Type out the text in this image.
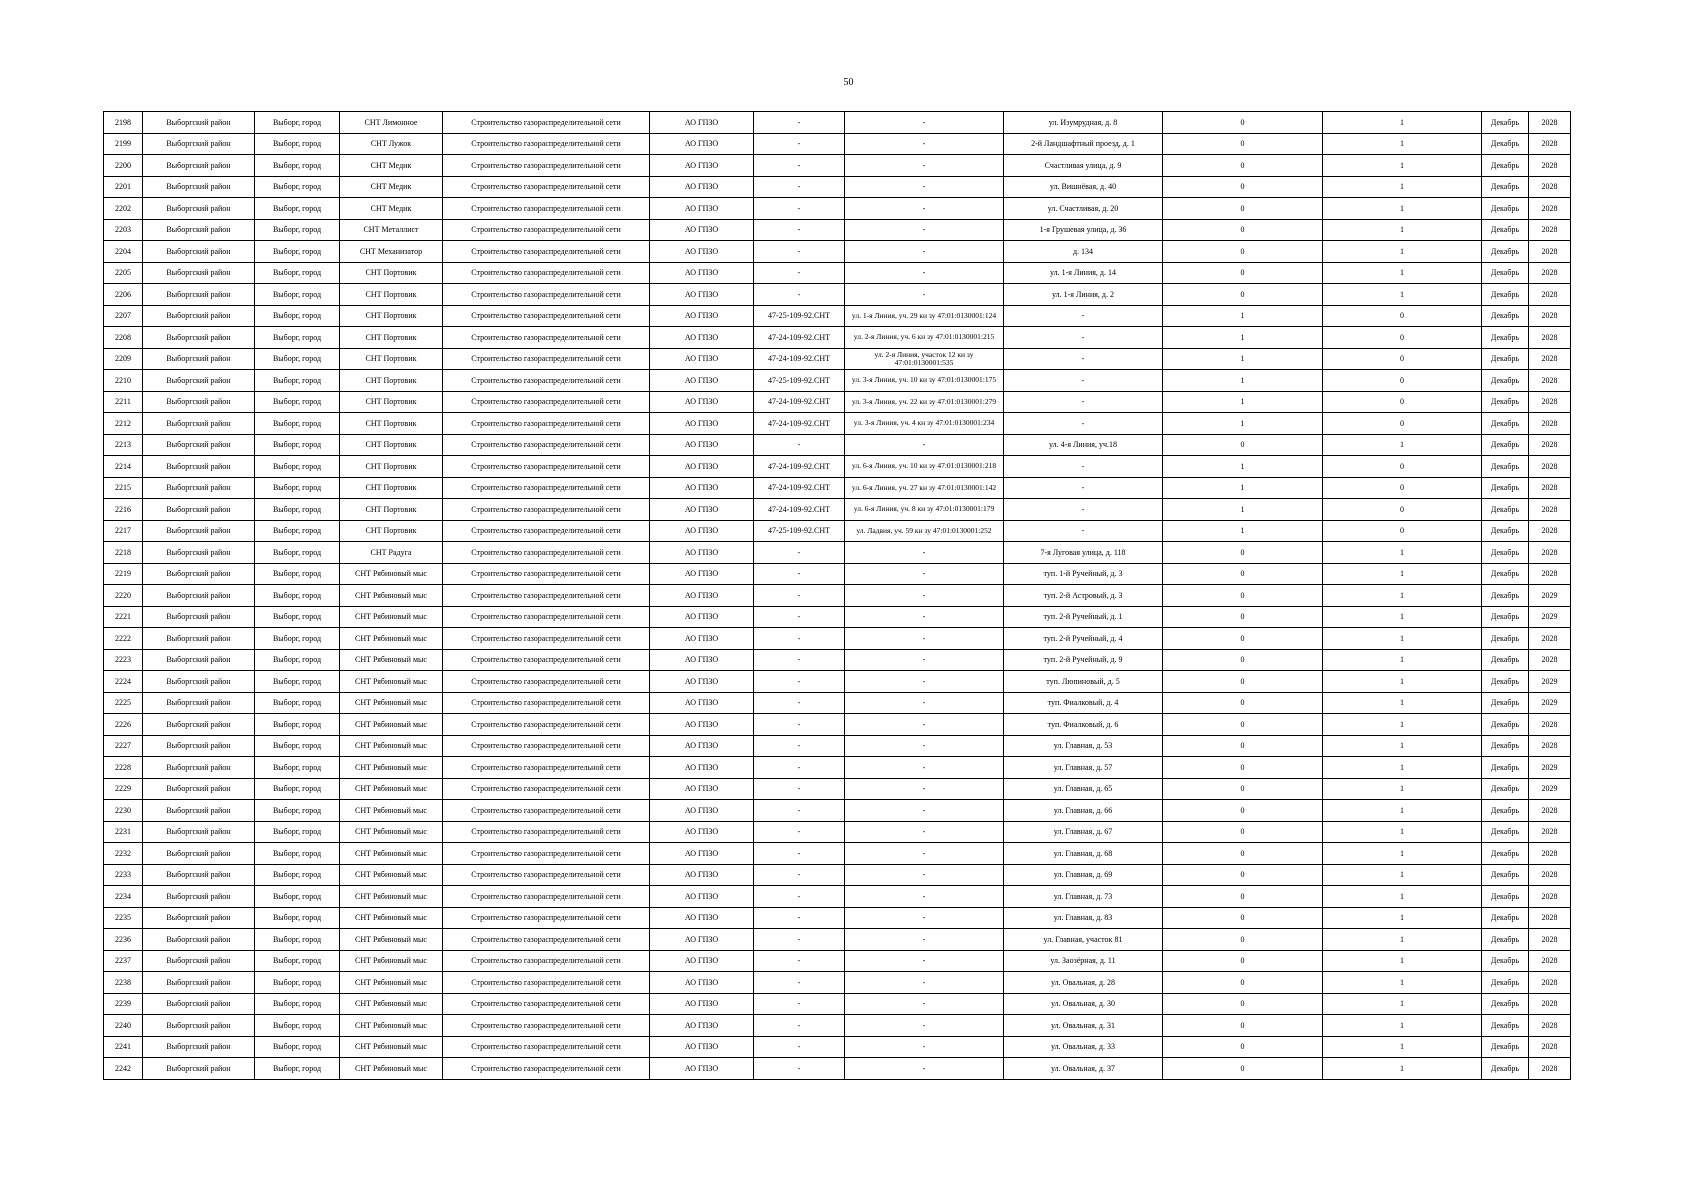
50
2198	Выборгский район	Выборг, город	СНТ Лимонное	Строительство газораспределительной сети	АО ГПЗО	-	-	ул. Изумрудная, д. 8	0	1	Декабрь	2028
2199	Выборгский район	Выборг, город	СНТ Лужок	Строительство газораспределительной сети	АО ГПЗО	-	-	2-й Ландшафтный проезд, д. 1	0	1	Декабрь	2028
2200	Выборгский район	Выборг, город	СНТ Медик	Строительство газораспределительной сети	АО ГПЗО	-	-	Счастливая улица, д. 9	0	1	Декабрь	2028
2201	Выборгский район	Выборг, город	СНТ Медик	Строительство газораспределительной сети	АО ГПЗО	-	-	ул. Вишнёвая, д. 40	0	1	Декабрь	2028
2202	Выборгский район	Выборг, город	СНТ Медик	Строительство газораспределительной сети	АО ГПЗО	-	-	ул. Счастливая, д. 20	0	1	Декабрь	2028
2203	Выборгский район	Выборг, город	СНТ Металлист	Строительство газораспределительной сети	АО ГПЗО	-	-	1-я Грушевая улица, д. 36	0	1	Декабрь	2028
2204	Выборгский район	Выборг, город	СНТ Механизатор	Строительство газораспределительной сети	АО ГПЗО	-	-	д. 134	0	1	Декабрь	2028
2205	Выборгский район	Выборг, город	СНТ Портовик	Строительство газораспределительной сети	АО ГПЗО	-	-	ул. 1-я Линия, д. 14	0	1	Декабрь	2028
2206	Выборгский район	Выборг, город	СНТ Портовик	Строительство газораспределительной сети	АО ГПЗО	-	-	ул. 1-я Линия, д. 2	0	1	Декабрь	2028
2207	Выборгский район	Выборг, город	СНТ Портовик	Строительство газораспределительной сети	АО ГПЗО	47-25-109-92.СНТ	ул. 1-я Линия, уч. 29 кн зу 47:01:0130001:124	-	1	0	Декабрь	2028
2208	Выборгский район	Выборг, город	СНТ Портовик	Строительство газораспределительной сети	АО ГПЗО	47-24-109-92.СНТ	ул. 2-я Линия, уч. 6 кн зу 47:01:0130001:215	-	1	0	Декабрь	2028
2209	Выборгский район	Выборг, город	СНТ Портовик	Строительство газораспределительной сети	АО ГПЗО	47-24-109-92.СНТ	ул. 2-я Линия, участок 12 кн зу 47:01:0130001:535	-	1	0	Декабрь	2028
2210	Выборгский район	Выборг, город	СНТ Портовик	Строительство газораспределительной сети	АО ГПЗО	47-25-109-92.СНТ	ул. 3-я Линия, уч. 10 кн зу 47:01:0130001:175	-	1	0	Декабрь	2028
2211	Выборгский район	Выборг, город	СНТ Портовик	Строительство газораспределительной сети	АО ГПЗО	47-24-109-92.СНТ	ул. 3-я Линия, уч. 22 кн зу 47:01:0130001:279	-	1	0	Декабрь	2028
2212	Выборгский район	Выборг, город	СНТ Портовик	Строительство газораспределительной сети	АО ГПЗО	47-24-109-92.СНТ	ул. 3-я Линия, уч. 4 кн зу 47:01:0130001:234	-	1	0	Декабрь	2028
2213	Выборгский район	Выборг, город	СНТ Портовик	Строительство газораспределительной сети	АО ГПЗО	-	-	ул. 4-я Линия, уч.18	0	1	Декабрь	2028
2214	Выборгский район	Выборг, город	СНТ Портовик	Строительство газораспределительной сети	АО ГПЗО	47-24-109-92.СНТ	ул. 6-я Линия, уч. 10 кн зу 47:01:0130001:218	-	1	0	Декабрь	2028
2215	Выборгский район	Выборг, город	СНТ Портовик	Строительство газораспределительной сети	АО ГПЗО	47-24-109-92.СНТ	ул. 6-я Линия, уч. 27 кн зу 47:01:0130001:142	-	1	0	Декабрь	2028
2216	Выборгский район	Выборг, город	СНТ Портовик	Строительство газораспределительной сети	АО ГПЗО	47-24-109-92.СНТ	ул. 6-я Линия, уч. 8 кн зу 47:01:0130001:179	-	1	0	Декабрь	2028
2217	Выборгский район	Выборг, город	СНТ Портовик	Строительство газораспределительной сети	АО ГПЗО	47-25-109-92.СНТ	ул. Ладвия, уч. 59 кн зу 47:01:0130001:252	-	1	0	Декабрь	2028
2218	Выборгский район	Выборг, город	СНТ Радуга	Строительство газораспределительной сети	АО ГПЗО	-	-	7-я Луговая улица, д. 118	0	1	Декабрь	2028
2219	Выборгский район	Выборг, город	СНТ Рябиновый мыс	Строительство газораспределительной сети	АО ГПЗО	-	-	туп. 1-й Ручейный, д. 3	0	1	Декабрь	2028
2220	Выборгский район	Выборг, город	СНТ Рябиновый мыс	Строительство газораспределительной сети	АО ГПЗО	-	-	туп. 2-й Астровый, д. 3	0	1	Декабрь	2029
2221	Выборгский район	Выборг, город	СНТ Рябиновый мыс	Строительство газораспределительной сети	АО ГПЗО	-	-	туп. 2-й Ручейный, д. 1	0	1	Декабрь	2029
2222	Выборгский район	Выборг, город	СНТ Рябиновый мыс	Строительство газораспределительной сети	АО ГПЗО	-	-	туп. 2-й Ручейный, д. 4	0	1	Декабрь	2028
2223	Выборгский район	Выборг, город	СНТ Рябиновый мыс	Строительство газораспределительной сети	АО ГПЗО	-	-	туп. 2-й Ручейный, д. 9	0	1	Декабрь	2028
2224	Выборгский район	Выборг, город	СНТ Рябиновый мыс	Строительство газораспределительной сети	АО ГПЗО	-	-	туп. Люпиновый, д. 5	0	1	Декабрь	2029
2225	Выборгский район	Выборг, город	СНТ Рябиновый мыс	Строительство газораспределительной сети	АО ГПЗО	-	-	туп. Фиалковый, д. 4	0	1	Декабрь	2029
2226	Выборгский район	Выборг, город	СНТ Рябиновый мыс	Строительство газораспределительной сети	АО ГПЗО	-	-	туп. Фиалковый, д. 6	0	1	Декабрь	2028
2227	Выборгский район	Выборг, город	СНТ Рябиновый мыс	Строительство газораспределительной сети	АО ГПЗО	-	-	ул. Главная, д. 53	0	1	Декабрь	2028
2228	Выборгский район	Выборг, город	СНТ Рябиновый мыс	Строительство газораспределительной сети	АО ГПЗО	-	-	ул. Главная, д. 57	0	1	Декабрь	2029
2229	Выборгский район	Выборг, город	СНТ Рябиновый мыс	Строительство газораспределительной сети	АО ГПЗО	-	-	ул. Главная, д. 65	0	1	Декабрь	2029
2230	Выборгский район	Выборг, город	СНТ Рябиновый мыс	Строительство газораспределительной сети	АО ГПЗО	-	-	ул. Главная, д. 66	0	1	Декабрь	2028
2231	Выборгский район	Выборг, город	СНТ Рябиновый мыс	Строительство газораспределительной сети	АО ГПЗО	-	-	ул. Главная, д. 67	0	1	Декабрь	2028
2232	Выборгский район	Выборг, город	СНТ Рябиновый мыс	Строительство газораспределительной сети	АО ГПЗО	-	-	ул. Главная, д. 68	0	1	Декабрь	2028
2233	Выборгский район	Выборг, город	СНТ Рябиновый мыс	Строительство газораспределительной сети	АО ГПЗО	-	-	ул. Главная, д. 69	0	1	Декабрь	2028
2234	Выборгский район	Выборг, город	СНТ Рябиновый мыс	Строительство газораспределительной сети	АО ГПЗО	-	-	ул. Главная, д. 73	0	1	Декабрь	2028
2235	Выборгский район	Выборг, город	СНТ Рябиновый мыс	Строительство газораспределительной сети	АО ГПЗО	-	-	ул. Главная, д. 83	0	1	Декабрь	2028
2236	Выборгский район	Выборг, город	СНТ Рябиновый мыс	Строительство газораспределительной сети	АО ГПЗО	-	-	ул. Главная, участок 81	0	1	Декабрь	2028
2237	Выборгский район	Выборг, город	СНТ Рябиновый мыс	Строительство газораспределительной сети	АО ГПЗО	-	-	ул. Заозёрная, д. 11	0	1	Декабрь	2028
2238	Выборгский район	Выборг, город	СНТ Рябиновый мыс	Строительство газораспределительной сети	АО ГПЗО	-	-	ул. Овальная, д. 28	0	1	Декабрь	2028
2239	Выборгский район	Выборг, город	СНТ Рябиновый мыс	Строительство газораспределительной сети	АО ГПЗО	-	-	ул. Овальная, д. 30	0	1	Декабрь	2028
2240	Выборгский район	Выборг, город	СНТ Рябиновый мыс	Строительство газораспределительной сети	АО ГПЗО	-	-	ул. Овальная, д. 31	0	1	Декабрь	2028
2241	Выборгский район	Выборг, город	СНТ Рябиновый мыс	Строительство газораспределительной сети	АО ГПЗО	-	-	ул. Овальная, д. 33	0	1	Декабрь	2028
2242	Выборгский район	Выборг, город	СНТ Рябиновый мыс	Строительство газораспределительной сети	АО ГПЗО	-	-	ул. Овальная, д. 37	0	1	Декабрь	2028
